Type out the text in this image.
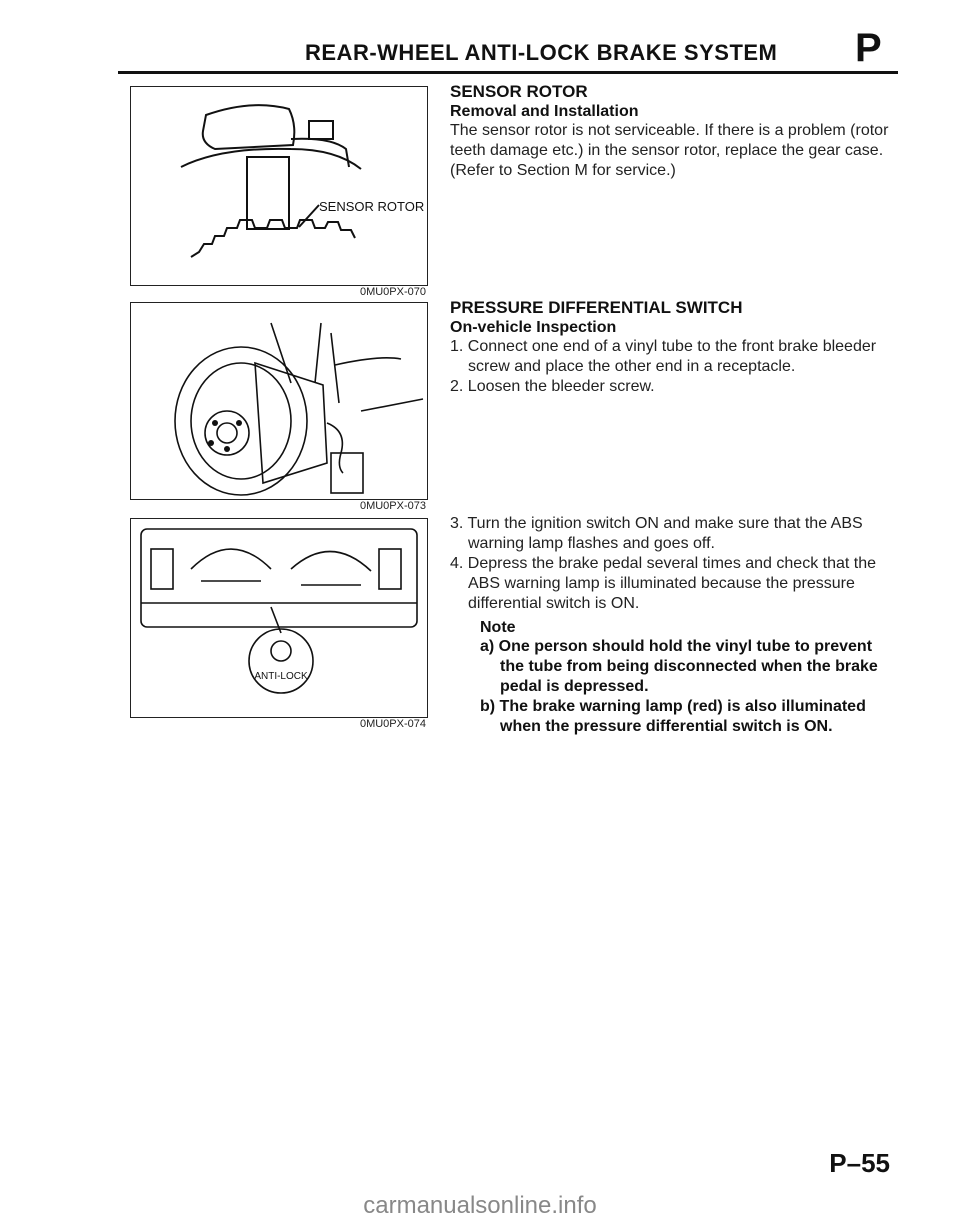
REAR-WHEEL ANTI-LOCK BRAKE SYSTEM P
SENSOR ROTOR
0MU0PX-070
0MU0PX-073
ANTI-LOCK
0MU0PX-074
SENSOR ROTOR
Removal and Installation
The sensor rotor is not serviceable. If there is a problem (rotor teeth damage etc.) in the sensor rotor, replace the gear case. (Refer to Section M for service.)
PRESSURE DIFFERENTIAL SWITCH
On-vehicle Inspection
1. Connect one end of a vinyl tube to the front brake bleeder screw and place the other end in a receptacle.
2. Loosen the bleeder screw.
3. Turn the ignition switch ON and make sure that the ABS warning lamp flashes and goes off.
4. Depress the brake pedal several times and check that the ABS warning lamp is illuminated because the pressure differential switch is ON.
Note
a) One person should hold the vinyl tube to prevent the tube from being disconnected when the brake pedal is depressed.
b) The brake warning lamp (red) is also illuminated when the pressure differential switch is ON.
P–55
carmanualsonline.info
